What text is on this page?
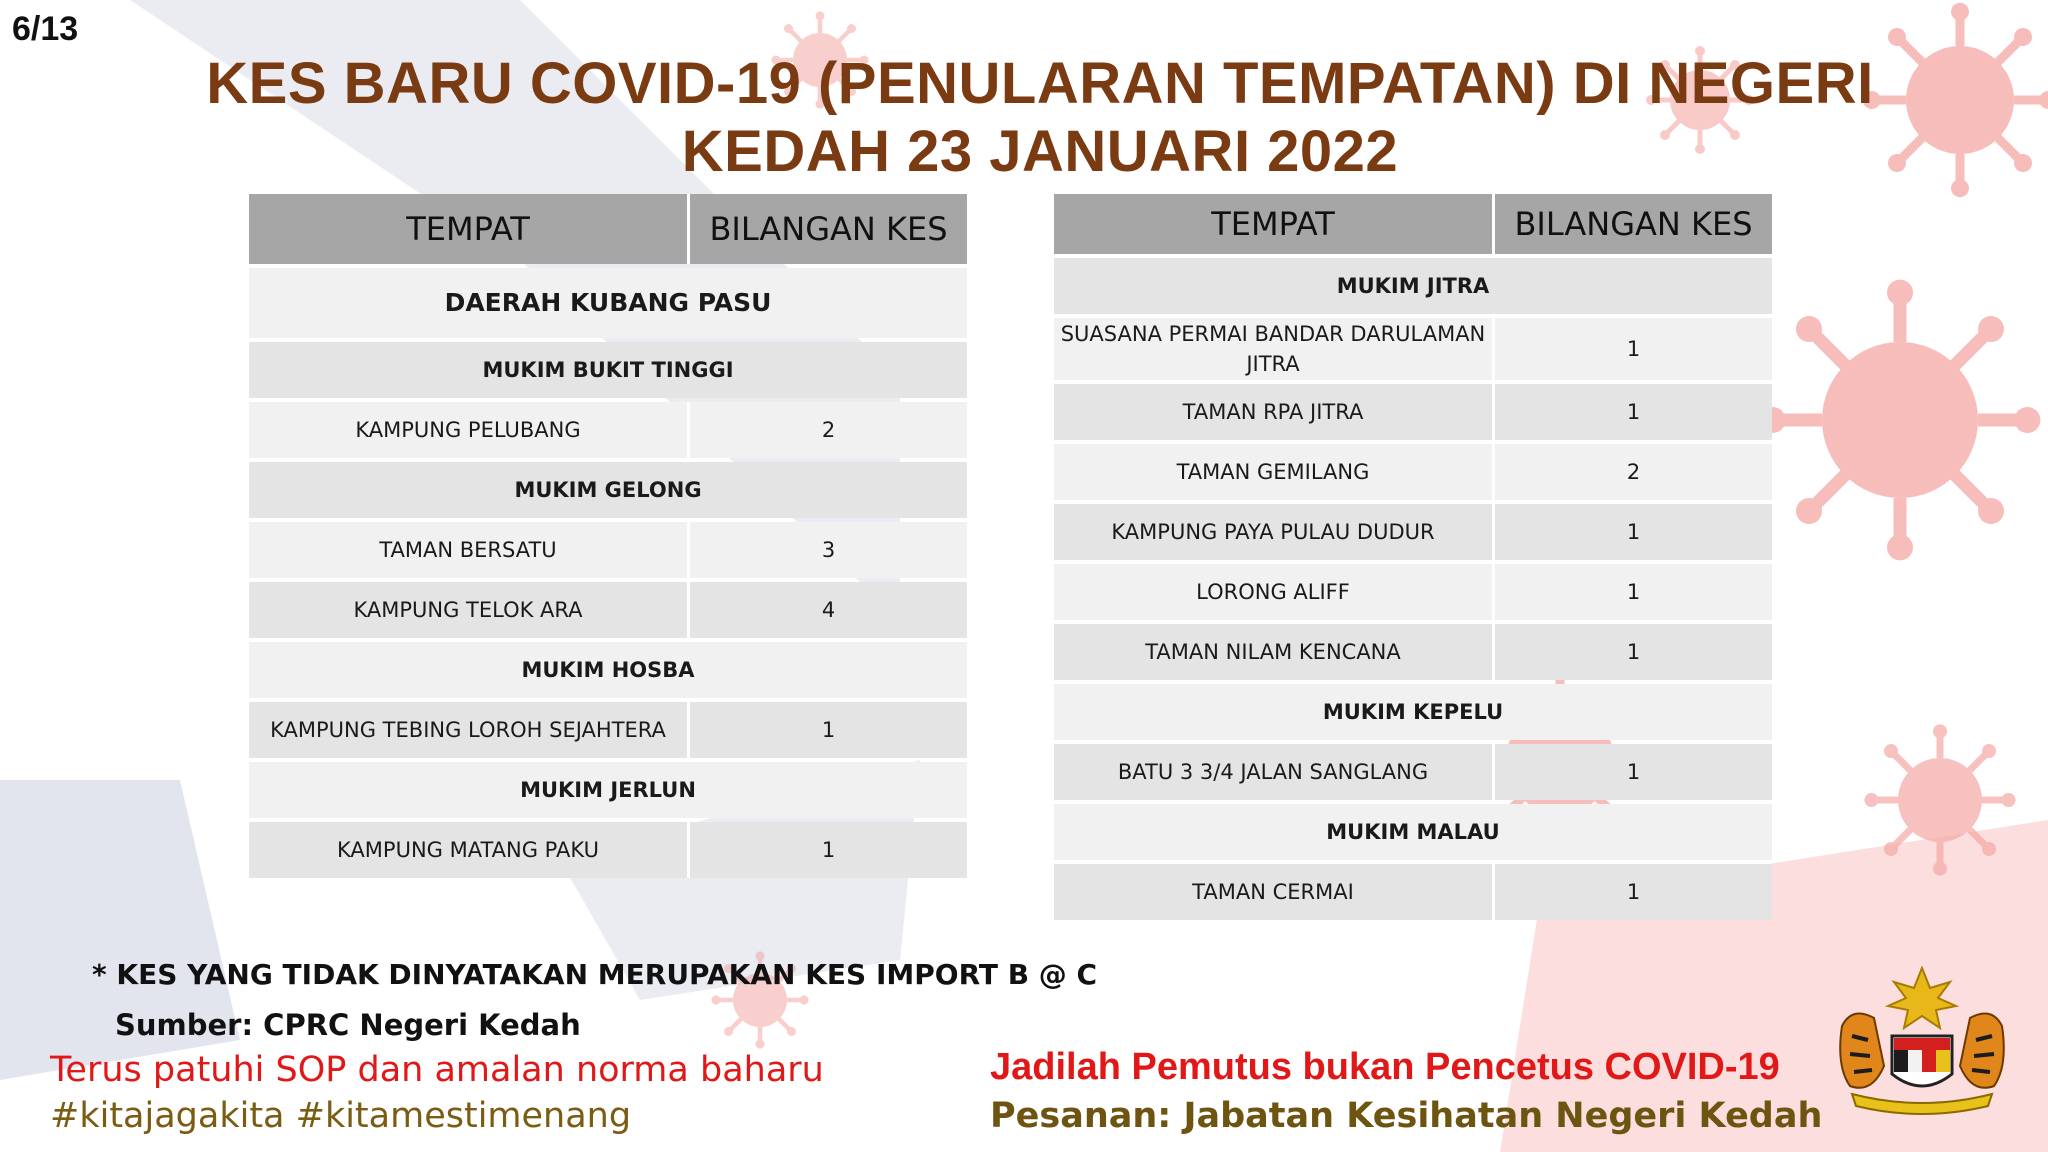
6/13
KES BARU COVID-19 (PENULARAN TEMPATAN) DI NEGERI
KEDAH 23 JANUARI 2022
TEMPAT	BILANGAN KES
DAERAH KUBANG PASU	
MUKIM BUKIT TINGGI	
KAMPUNG PELUBANG	2
MUKIM GELONG	
TAMAN BERSATU	3
KAMPUNG TELOK ARA	4
MUKIM HOSBA	
KAMPUNG TEBING LOROH SEJAHTERA	1
MUKIM JERLUN	
KAMPUNG MATANG PAKU	1
TEMPAT	BILANGAN KES
MUKIM JITRA	
SUASANA PERMAI BANDAR DARULAMAN JITRA	1
TAMAN RPA JITRA	1
TAMAN GEMILANG	2
KAMPUNG PAYA PULAU DUDUR	1
LORONG ALIFF	1
TAMAN NILAM KENCANA	1
MUKIM KEPELU	
BATU 3 3/4 JALAN SANGLANG	1
MUKIM MALAU	
TAMAN CERMAI	1
* KES YANG TIDAK DINYATAKAN MERUPAKAN KES IMPORT B @ C
Sumber: CPRC Negeri Kedah
Terus patuhi SOP dan amalan norma baharu
#kitajagakita #kitamestimenang
Jadilah Pemutus bukan Pencetus COVID-19
Pesanan: Jabatan Kesihatan Negeri Kedah
